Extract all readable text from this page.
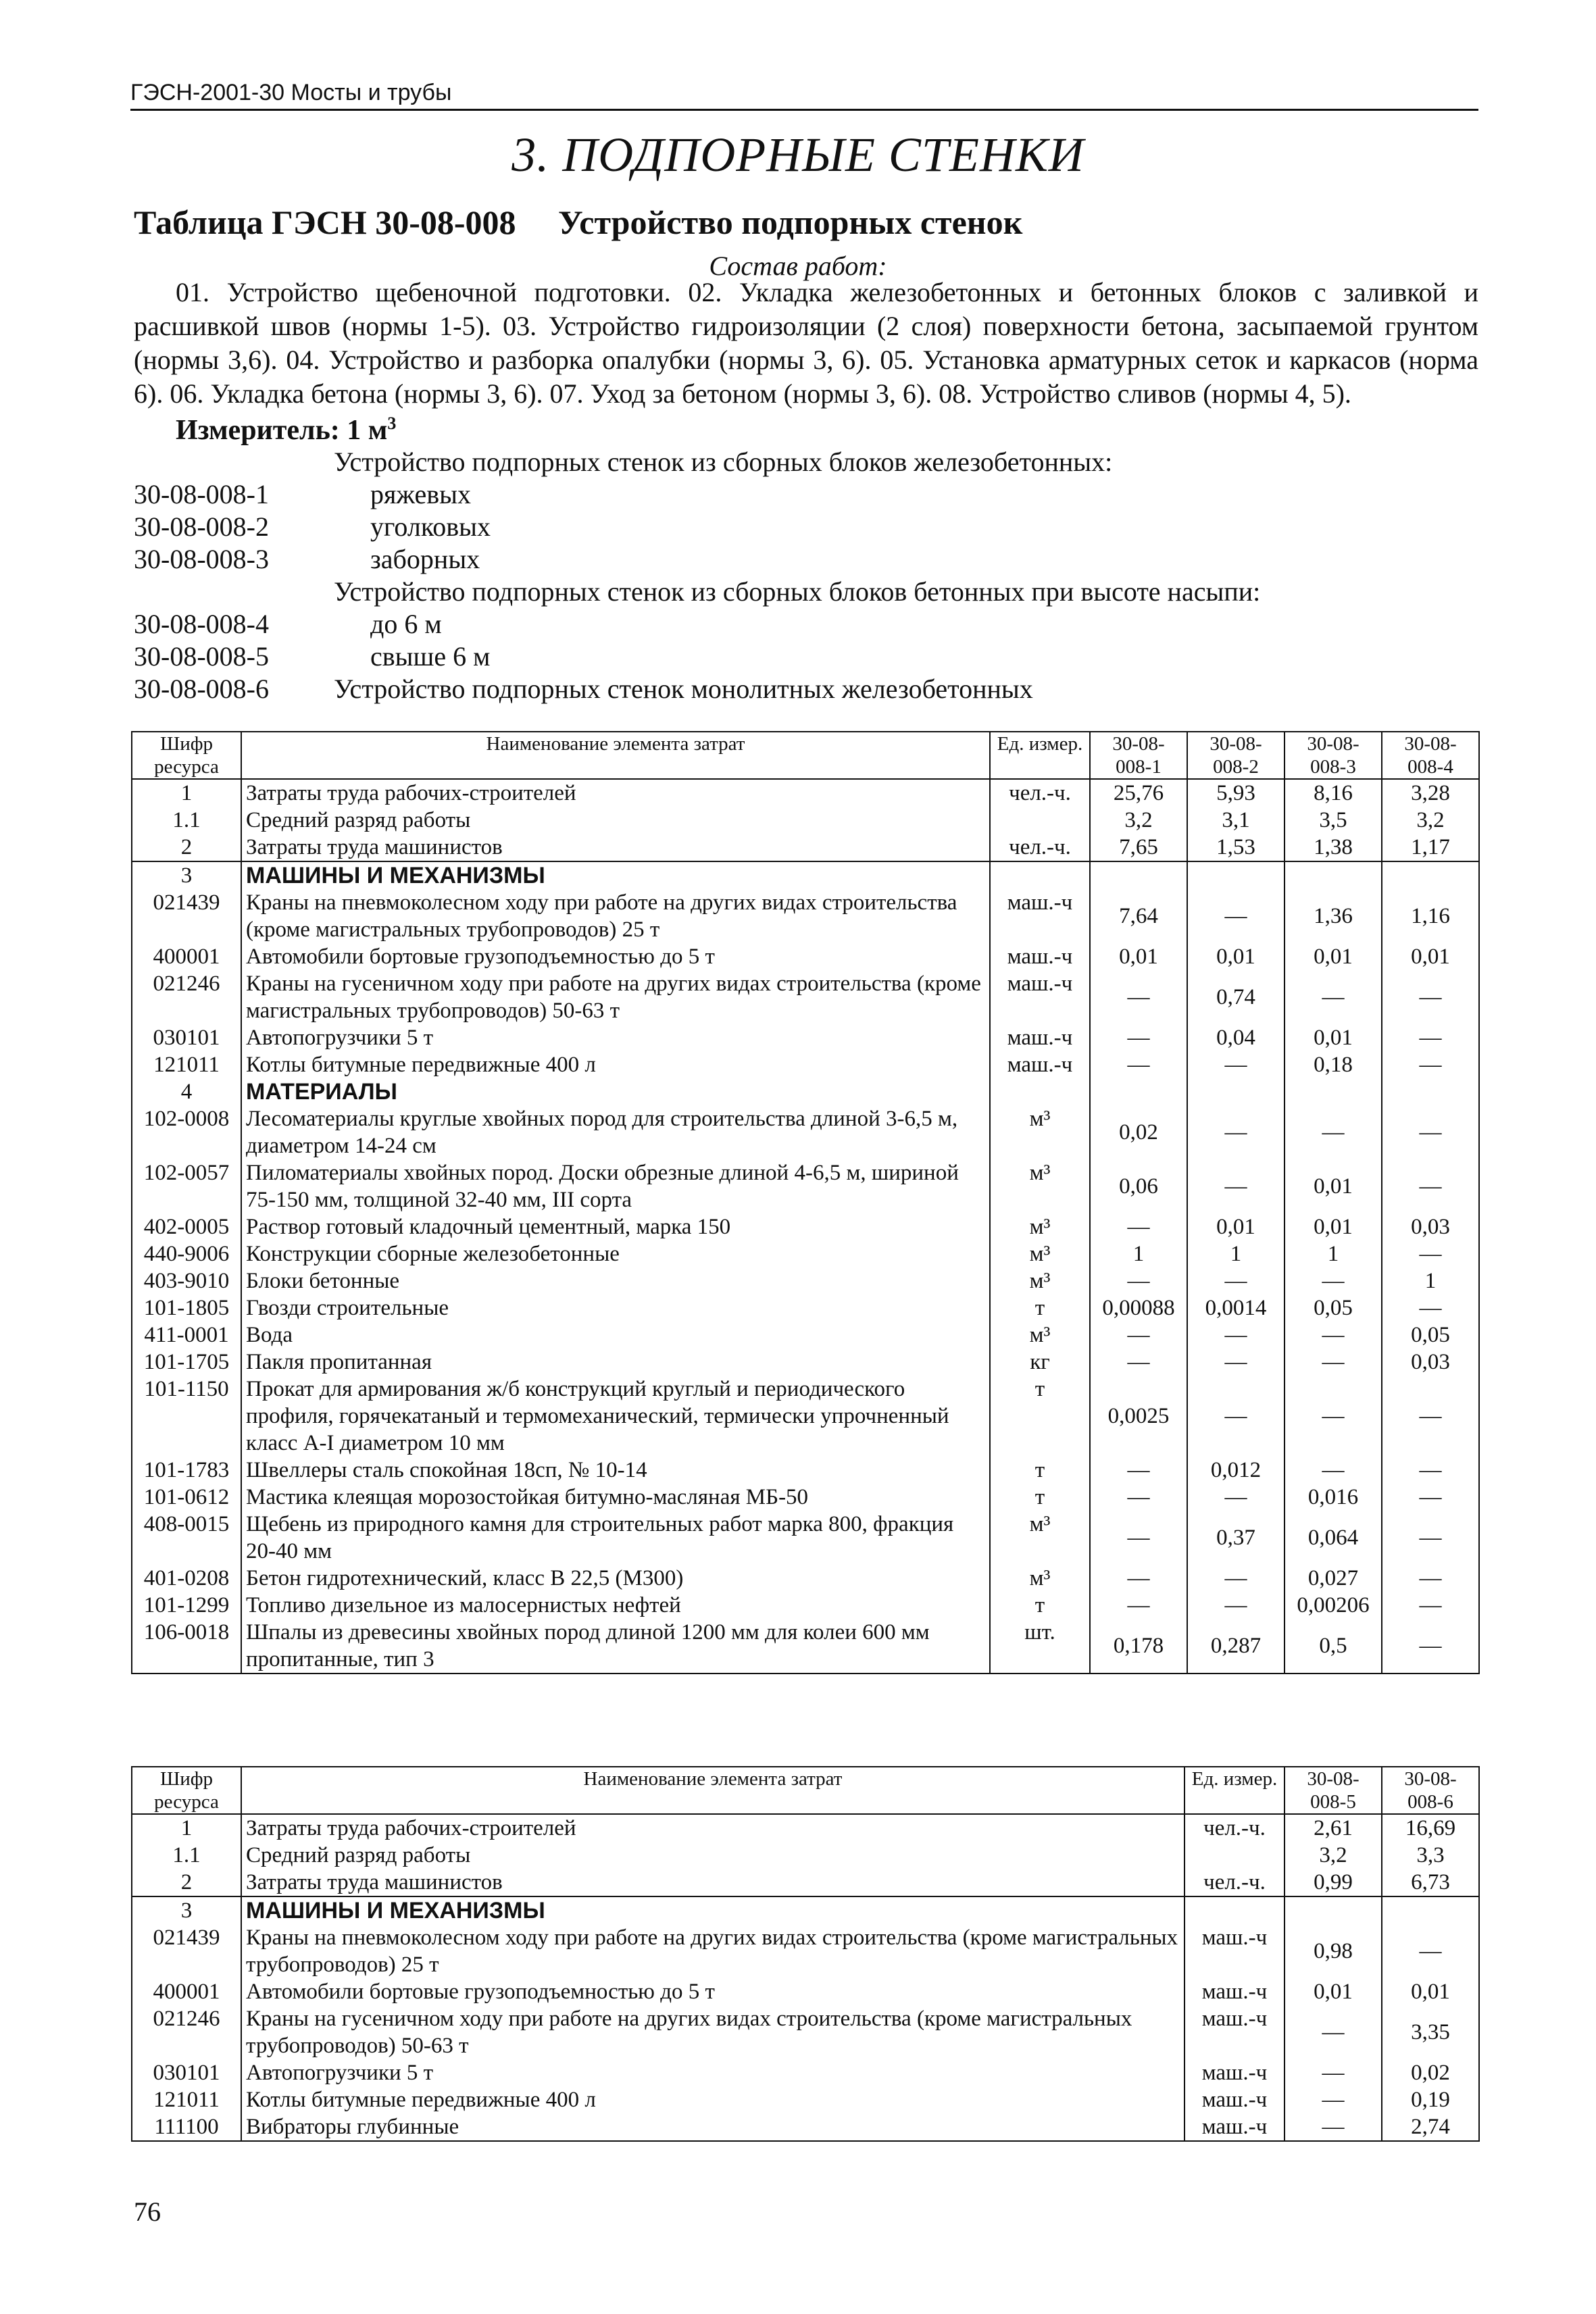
ГЭСН-2001-30 Мосты и трубы
3. ПОДПОРНЫЕ СТЕНКИ
Таблица ГЭСН 30-08-008 Устройство подпорных стенок
Состав работ:
01. Устройство щебеночной подготовки. 02. Укладка железобетонных и бетонных блоков с заливкой и расшивкой швов (нормы 1-5). 03. Устройство гидроизоляции (2 слоя) поверхности бетона, засыпаемой грунтом (нормы 3,6). 04. Устройство и разборка опалубки (нормы 3, 6). 05. Установка арматурных сеток и каркасов (норма 6). 06. Укладка бетона (нормы 3, 6). 07. Уход за бетоном (нормы 3, 6). 08. Устройство сливов (нормы 4, 5).
Измеритель: 1 $м^3$
Устройство подпорных стенок из сборных блоков железобетонных:
30-08-008-1	ряжевых
30-08-008-2	уголковых
30-08-008-3	заборных
Устройство подпорных стенок из сборных блоков бетонных при высоте насыпи:
30-08-008-4	до 6 м
30-08-008-5	свыше 6 м
30-08-008-6 Устройство подпорных стенок монолитных железобетонных
Шифр ресурса	Наименование элемента затрат	Ед. измер.	30-08-008-1	30-08-008-2	30-08-008-3	30-08-008-4
1	Затраты труда рабочих-строителей	чел.-ч.	25,76	5,93	8,16	3,28
1.1	Средний разряд работы		3,2	3,1	3,5	3,2
2	Затраты труда машинистов	чел.-ч.	7,65	1,53	1,38	1,17
3	МАШИНЫ И МЕХАНИЗМЫ					
021439	Краны на пневмоколесном ходу при работе на других видах строительства (кроме магистральных трубопроводов) 25 т	маш.-ч	7,64	—	1,36	1,16
400001	Автомобили бортовые грузоподъемностью до 5 т	маш.-ч	0,01	0,01	0,01	0,01
021246	Краны на гусеничном ходу при работе на других видах строительства (кроме магистральных трубопроводов) 50-63 т	маш.-ч	—	0,74	—	—
030101	Автопогрузчики 5 т	маш.-ч	—	0,04	0,01	—
121011	Котлы битумные передвижные 400 л	маш.-ч	—	—	0,18	—
4	МАТЕРИАЛЫ					
102-0008	Лесоматериалы круглые хвойных пород для строительства длиной 3-6,5 м, диаметром 14-24 см	м³	0,02	—	—	—
102-0057	Пиломатериалы хвойных пород. Доски обрезные длиной 4-6,5 м, шириной 75-150 мм, толщиной 32-40 мм, III сорта	м³	0,06	—	0,01	—
402-0005	Раствор готовый кладочный цементный, марка 150	м³	—	0,01	0,01	0,03
440-9006	Конструкции сборные железобетонные	м³	1	1	1	—
403-9010	Блоки бетонные	м³	—	—	—	1
101-1805	Гвозди строительные	т	0,00088	0,0014	0,05	—
411-0001	Вода	м³	—	—	—	0,05
101-1705	Пакля пропитанная	кг	—	—	—	0,03
101-1150	Прокат для армирования ж/б конструкций круглый и периодического профиля, горячекатаный и термомеханический, термически упрочненный класс А-I диаметром 10 мм	т	0,0025	—	—	—
101-1783	Швеллеры сталь спокойная 18сп, № 10-14	т	—	0,012	—	—
101-0612	Мастика клеящая морозостойкая битумно-масляная МБ-50	т	—	—	0,016	—
408-0015	Щебень из природного камня для строительных работ марка 800, фракция 20-40 мм	м³	—	0,37	0,064	—
401-0208	Бетон гидротехнический, класс В 22,5 (М300)	м³	—	—	0,027	—
101-1299	Топливо дизельное из малосернистых нефтей	т	—	—	0,00206	—
106-0018	Шпалы из древесины хвойных пород длиной 1200 мм для колеи 600 мм пропитанные, тип 3	шт.	0,178	0,287	0,5	—
Шифр ресурса	Наименование элемента затрат	Ед. измер.	30-08-008-5	30-08-008-6
1	Затраты труда рабочих-строителей	чел.-ч.	2,61	16,69
1.1	Средний разряд работы		3,2	3,3
2	Затраты труда машинистов	чел.-ч.	0,99	6,73
3	МАШИНЫ И МЕХАНИЗМЫ			
021439	Краны на пневмоколесном ходу при работе на других видах строительства (кроме магистральных трубопроводов) 25 т	маш.-ч	0,98	—
400001	Автомобили бортовые грузоподъемностью до 5 т	маш.-ч	0,01	0,01
021246	Краны на гусеничном ходу при работе на других видах строительства (кроме магистральных трубопроводов) 50-63 т	маш.-ч	—	3,35
030101	Автопогрузчики 5 т	маш.-ч	—	0,02
121011	Котлы битумные передвижные 400 л	маш.-ч	—	0,19
111100	Вибраторы глубинные	маш.-ч	—	2,74
76
